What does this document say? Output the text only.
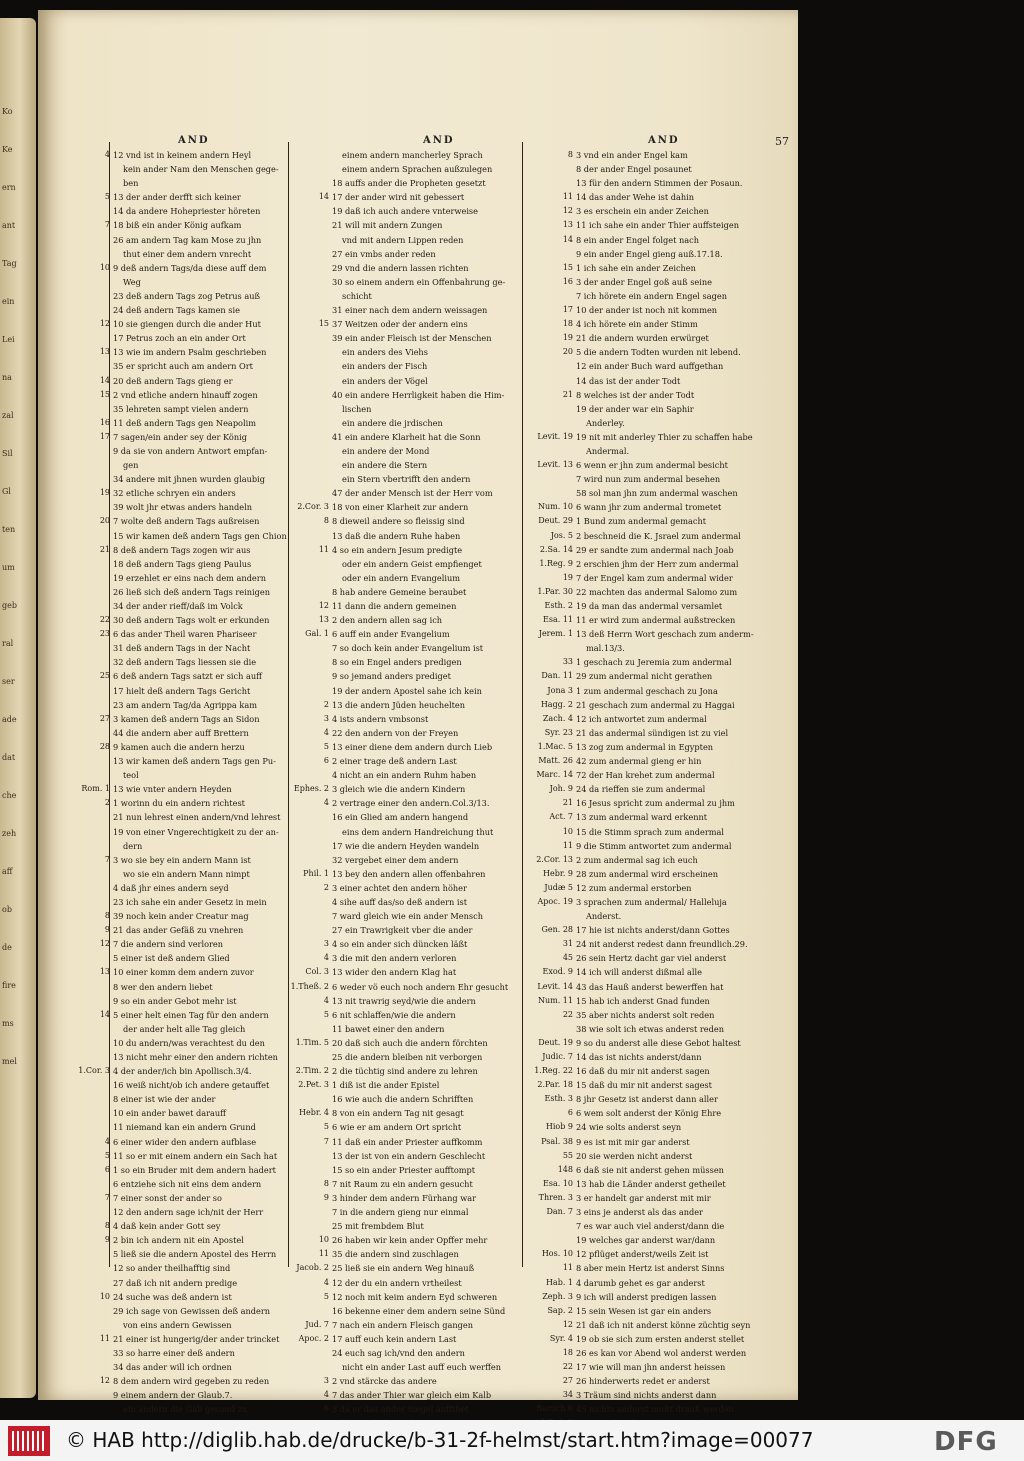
Ko
Ke
ern
ant
Tag
ein
Lei
na
zal
Sil
Gl
ten
um
geb
ral
ser
ade
dat
che
zeh
aff
ob
de
fire
ms
mel
AND	AND	AND	57
4 12 vnd ist in keinem andern Heyl
kein ander Nam den Menschen gege-
ben
5 13 der ander derfft sich keiner
14 da andere Hohepriester höreten
7 18 biß ein ander König aufkam
26 am andern Tag kam Mose zu jhn
thut einer dem andern vnrecht
10 9 deß andern Tags/da diese auff dem
Weg
23 deß andern Tags zog Petrus auß
24 deß andern Tags kamen sie
12 10 sie giengen durch die ander Hut
17 Petrus zoch an ein ander Ort
13 13 wie im andern Psalm geschrieben
35 er spricht auch am andern Ort
14 20 deß andern Tags gieng er
15 2 vnd etliche andern hinauff zogen
35 lehreten sampt vielen andern
16 11 deß andern Tags gen Neapolim
17 7 sagen/ein ander sey der König
9 da sie von andern Antwort empfan-
gen
34 andere mit jhnen wurden glaubig
19 32 etliche schryen ein anders
39 wolt jhr etwas anders handeln
20 7 wolte deß andern Tags außreisen
15 wir kamen deß andern Tags gen Chion
21 8 deß andern Tags zogen wir aus
18 deß andern Tags gieng Paulus
19 erzehlet er eins nach dem andern
26 ließ sich deß andern Tags reinigen
34 der ander rieff/daß im Volck
22 30 deß andern Tags wolt er erkunden
23 6 das ander Theil waren Phariseer
31 deß andern Tags in der Nacht
32 deß andern Tags liessen sie die
25 6 deß andern Tags satzt er sich auff
17 hielt deß andern Tags Gericht
23 am andern Tag/da Agrippa kam
27 3 kamen deß andern Tags an Sidon
44 die andern aber auff Brettern
28 9 kamen auch die andern herzu
13 wir kamen deß andern Tags gen Pu-
teol
Rom. 1 13 wie vnter andern Heyden
2 1 worinn du ein andern richtest
21 nun lehrest einen andern/vnd lehrest
19 von einer Vngerechtigkeit zu der an-
dern
7 3 wo sie bey ein andern Mann ist
wo sie ein andern Mann nimpt
4 daß jhr eines andern seyd
23 ich sahe ein ander Gesetz in mein
8 39 noch kein ander Creatur mag
9 21 das ander Gefäß zu vnehren
12 7 die andern sind verloren
5 einer ist deß andern Glied
13 10 einer komm dem andern zuvor
8 wer den andern liebet
9 so ein ander Gebot mehr ist
14 5 einer helt einen Tag für den andern
der ander helt alle Tag gleich
10 du andern/was verachtest du den
13 nicht mehr einer den andern richten
1.Cor. 3 4 der ander/ich bin Apollisch.3/4.
16 weiß nicht/ob ich andere getauffet
8 einer ist wie der ander
10 ein ander bawet darauff
11 niemand kan ein andern Grund
4 6 einer wider den andern aufblase
5 11 so er mit einem andern ein Sach hat
6 1 so ein Bruder mit dem andern hadert
6 entziehe sich nit eins dem andern
7 7 einer sonst der ander so
12 den andern sage ich/nit der Herr
8 4 daß kein ander Gott sey
9 2 bin ich andern nit ein Apostel
5 ließ sie die andern Apostel des Herrn
12 so ander theilhafftig sind
27 daß ich nit andern predige
10 24 suche was deß andern ist
29 ich sage von Gewissen deß andern
von eins andern Gewissen
11 21 einer ist hungerig/der ander trincket
33 so harre einer deß andern
34 das ander will ich ordnen
12 8 dem andern wird gegeben zu reden
9 einem andern der Glaub.7.
ein andern die Gab gesund zu
einem andern mancherley Sprach
einem andern Sprachen außzulegen
18 auffs ander die Propheten gesetzt
14 17 der ander wird nit gebessert
19 daß ich auch andere vnterweise
21 will mit andern Zungen
vnd mit andern Lippen reden
27 ein vmbs ander reden
29 vnd die andern lassen richten
30 so einem andern ein Offenbahrung ge-
schicht
31 einer nach dem andern weissagen
15 37 Weitzen oder der andern eins
39 ein ander Fleisch ist der Menschen
ein anders des Viehs
ein anders der Fisch
ein anders der Vögel
40 ein andere Herrligkeit haben die Him-
lischen
ein andere die jrdischen
41 ein andere Klarheit hat die Sonn
ein andere der Mond
ein andere die Stern
ein Stern vbertrifft den andern
47 der ander Mensch ist der Herr vom
2.Cor. 3 18 von einer Klarheit zur andern
8 8 dieweil andere so fleissig sind
13 daß die andern Ruhe haben
11 4 so ein andern Jesum predigte
oder ein andern Geist empfienget
oder ein andern Evangelium
8 hab andere Gemeine beraubet
12 11 dann die andern gemeinen
13 2 den andern allen sag ich
Gal. 1 6 auff ein ander Evangelium
7 so doch kein ander Evangelium ist
8 so ein Engel anders predigen
9 so jemand anders prediget
19 der andern Apostel sahe ich kein
2 13 die andern Jüden heuchelten
3 4 ists andern vmbsonst
4 22 den andern von der Freyen
5 13 einer diene dem andern durch Lieb
6 2 einer trage deß andern Last
4 nicht an ein andern Ruhm haben
Ephes. 2 3 gleich wie die andern Kindern
4 2 vertrage einer den andern.Col.3/13.
16 ein Glied am andern hangend
eins dem andern Handreichung thut
17 wie die andern Heyden wandeln
32 vergebet einer dem andern
Phil. 1 13 bey den andern allen offenbahren
2 3 einer achtet den andern höher
4 sihe auff das/so deß andern ist
7 ward gleich wie ein ander Mensch
27 ein Trawrigkeit vber die ander
3 4 so ein ander sich düncken läßt
4 3 die mit den andern verloren
Col. 3 13 wider den andern Klag hat
1.Theß. 2 6 weder vö euch noch andern Ehr gesucht
4 13 nit trawrig seyd/wie die andern
5 6 nit schlaffen/wie die andern
11 bawet einer den andern
1.Tim. 5 20 daß sich auch die andern förchten
25 die andern bleiben nit verborgen
2.Tim. 2 2 die tüchtig sind andere zu lehren
2.Pet. 3 1 diß ist die ander Epistel
16 wie auch die andern Schrifften
Hebr. 4 8 von ein andern Tag nit gesagt
5 6 wie er am andern Ort spricht
7 11 daß ein ander Priester auffkomm
13 der ist von ein andern Geschlecht
15 so ein ander Priester aufftompt
8 7 nit Raum zu ein andern gesucht
9 3 hinder dem andern Fürhang war
7 in die andern gieng nur einmal
25 mit frembdem Blut
10 26 haben wir kein ander Opffer mehr
11 35 die andern sind zuschlagen
Jacob. 2 25 ließ sie ein andern Weg hinauß
4 12 der du ein andern vrtheilest
5 12 noch mit keim andern Eyd schweren
16 bekenne einer dem andern seine Sünd
Jud. 7 7 nach ein andern Fleisch gangen
Apoc. 2 17 auff euch kein andern Last
24 euch sag ich/vnd den andern
nicht ein ander Last auff euch werffen
3 2 vnd stärcke das andere
4 7 das ander Thier war gleich eim Kalb
6 3 da er das ander Siegel auffthet
8 3 vnd ein ander Engel kam
8 der ander Engel posaunet
13 für den andern Stimmen der Posaun.
11 14 das ander Wehe ist dahin
12 3 es erschein ein ander Zeichen
13 11 ich sahe ein ander Thier auffsteigen
14 8 ein ander Engel folget nach
9 ein ander Engel gieng auß.17.18.
15 1 ich sahe ein ander Zeichen
16 3 der ander Engel goß auß seine
7 ich hörete ein andern Engel sagen
17 10 der ander ist noch nit kommen
18 4 ich hörete ein ander Stimm
19 21 die andern wurden erwürget
20 5 die andern Todten wurden nit lebend.
12 ein ander Buch ward auffgethan
14 das ist der ander Todt
21 8 welches ist der ander Todt
19 der ander war ein Saphir
Anderley.
Levit. 19 19 nit mit anderley Thier zu schaffen habe
Andermal.
Levit. 13 6 wenn er jhn zum andermal besicht
7 wird nun zum andermal besehen
58 sol man jhn zum andermal waschen
Num. 10 6 wann jhr zum andermal trometet
Deut. 29 1 Bund zum andermal gemacht
Jos. 5 2 beschneid die K. Jsrael zum andermal
2.Sa. 14 29 er sandte zum andermal nach Joab
1.Reg. 9 2 erschien jhm der Herr zum andermal
19 7 der Engel kam zum andermal wider
1.Par. 30 22 machten das andermal Salomo zum
Esth. 2 19 da man das andermal versamlet
Esa. 11 11 er wird zum andermal außstrecken
Jerem. 1 13 deß Herrn Wort geschach zum anderm-
mal.13/3.
33 1 geschach zu Jeremia zum andermal
Dan. 11 29 zum andermal nicht gerathen
Jona 3 1 zum andermal geschach zu Jona
Hagg. 2 21 geschach zum andermal zu Haggai
Zach. 4 12 ich antwortet zum andermal
Syr. 23 21 das andermal sündigen ist zu viel
1.Mac. 5 13 zog zum andermal in Egypten
Matt. 26 42 zum andermal gieng er hin
Marc. 14 72 der Han krehet zum andermal
Joh. 9 24 da rieffen sie zum andermal
21 16 Jesus spricht zum andermal zu jhm
Act. 7 13 zum andermal ward erkennt
10 15 die Stimm sprach zum andermal
11 9 die Stimm antwortet zum andermal
2.Cor. 13 2 zum andermal sag ich euch
Hebr. 9 28 zum andermal wird erscheinen
Judæ 5 12 zum andermal erstorben
Apoc. 19 3 sprachen zum andermal/ Halleluja
Anderst.
Gen. 28 17 hie ist nichts anderst/dann Gottes
31 24 nit anderst redest dann freundlich.29.
45 26 sein Hertz dacht gar viel anderst
Exod. 9 14 ich will anderst dißmal alle
Levit. 14 43 das Hauß anderst bewerffen hat
Num. 11 15 hab ich anderst Gnad funden
22 35 aber nichts anderst solt reden
38 wie solt ich etwas anderst reden
Deut. 19 9 so du anderst alle diese Gebot haltest
Judic. 7 14 das ist nichts anderst/dann
1.Reg. 22 16 daß du mir nit anderst sagen
2.Par. 18 15 daß du mir nit anderst sagest
Esth. 3 8 jhr Gesetz ist anderst dann aller
6 6 wem solt anderst der König Ehre
Hiob 9 24 wie solts anderst seyn
Psal. 38 9 es ist mit mir gar anderst
55 20 sie werden nicht anderst
148 6 daß sie nit anderst gehen müssen
Esa. 10 13 hab die Länder anderst getheilet
Thren. 3 3 er handelt gar anderst mit mir
Dan. 7 3 eins je anderst als das ander
7 es war auch viel anderst/dann die
19 welches gar anderst war/dann
Hos. 10 12 pflüget anderst/weils Zeit ist
11 8 aber mein Hertz ist anderst Sinns
Hab. 1 4 darumb gehet es gar anderst
Zeph. 3 9 ich will anderst predigen lassen
Sap. 2 15 sein Wesen ist gar ein anders
12 21 daß ich nit anderst könne züchtig seyn
Syr. 4 19 ob sie sich zum ersten anderst stellet
18 26 es kan vor Abend wol anderst werden
22 17 wie will man jhn anderst heissen
27 26 hinderwerts redet er anderst
34 3 Träum sind nichts anderst dann
Baruch 6 45 nichts anderst mußt drauß werden
© HAB http://diglib.hab.de/drucke/b-31-2f-helmst/start.htm?image=00077	DFG
